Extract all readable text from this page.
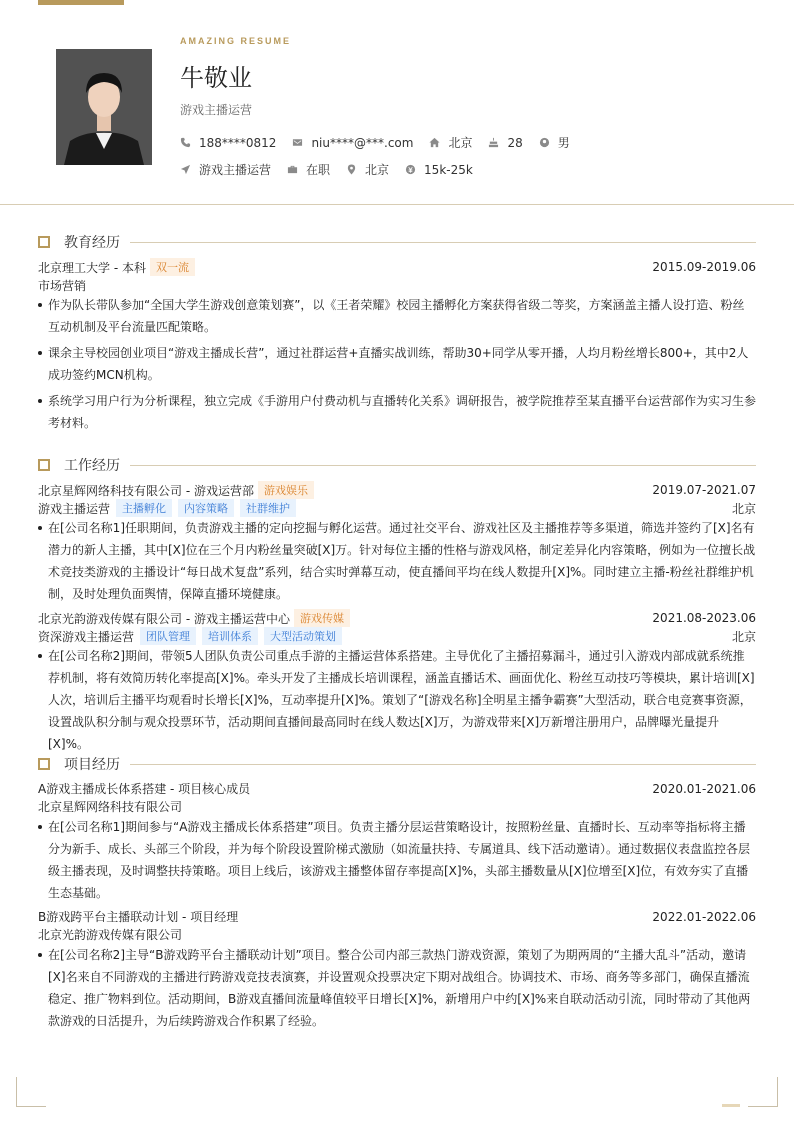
AMAZING RESUME
牛敬业
游戏主播运营
188****0812	niu****@***.com	北京	28	男
游戏主播运营	在职	北京	15k-25k
教育经历
北京理工大学 - 本科 双一流	2015.09-2019.06
市场营销
作为队长带队参加“全国大学生游戏创意策划赛”，以《王者荣耀》校园主播孵化方案获得省级二等奖，方案涵盖主播人设打造、粉丝互动机制及平台流量匹配策略。
课余主导校园创业项目“游戏主播成长营”，通过社群运营+直播实战训练，帮助30+同学从零开播，人均月粉丝增长800+，其中2人成功签约MCN机构。
系统学习用户行为分析课程，独立完成《手游用户付费动机与直播转化关系》调研报告，被学院推荐至某直播平台运营部作为实习生参考材料。
工作经历
北京星辉网络科技有限公司 - 游戏运营部 游戏娱乐	2019.07-2021.07
游戏主播运营	主播孵化	内容策略	社群维护	北京
在[公司名称1]任职期间，负责游戏主播的定向挖掘与孵化运营。通过社交平台、游戏社区及主播推荐等多渠道，筛选并签约了[X]名有潜力的新人主播，其中[X]位在三个月内粉丝量突破[X]万。针对每位主播的性格与游戏风格，制定差异化内容策略，例如为一位擅长战术竞技类游戏的主播设计“每日战术复盘”系列，结合实时弹幕互动，使直播间平均在线人数提升[X]%。同时建立主播-粉丝社群维护机制，及时处理负面舆情，保障直播环境健康。
北京光韵游戏传媒有限公司 - 游戏主播运营中心 游戏传媒	2021.08-2023.06
资深游戏主播运营	团队管理	培训体系	大型活动策划	北京
在[公司名称2]期间，带领5人团队负责公司重点手游的主播运营体系搭建。主导优化了主播招募漏斗，通过引入游戏内部成就系统推荐机制，将有效简历转化率提高[X]%。牵头开发了主播成长培训课程，涵盖直播话术、画面优化、粉丝互动技巧等模块，累计培训[X]人次，培训后主播平均观看时长增长[X]%，互动率提升[X]%。策划了“[游戏名称]全明星主播争霸赛”大型活动，联合电竞赛事资源，设置战队积分制与观众投票环节，活动期间直播间最高同时在线人数达[X]万，为游戏带来[X]万新增注册用户，品牌曝光量提升[X]%。
项目经历
A游戏主播成长体系搭建 - 项目核心成员	2020.01-2021.06
北京星辉网络科技有限公司
在[公司名称1]期间参与“A游戏主播成长体系搭建”项目。负责主播分层运营策略设计，按照粉丝量、直播时长、互动率等指标将主播分为新手、成长、头部三个阶段，并为每个阶段设置阶梯式激励（如流量扶持、专属道具、线下活动邀请）。通过数据仪表盘监控各层级主播表现，及时调整扶持策略。项目上线后，该游戏主播整体留存率提高[X]%，头部主播数量从[X]位增至[X]位，有效夯实了直播生态基础。
B游戏跨平台主播联动计划 - 项目经理	2022.01-2022.06
北京光韵游戏传媒有限公司
在[公司名称2]主导“B游戏跨平台主播联动计划”项目。整合公司内部三款热门游戏资源，策划了为期两周的“主播大乱斗”活动，邀请[X]名来自不同游戏的主播进行跨游戏竞技表演赛，并设置观众投票决定下期对战组合。协调技术、市场、商务等多部门，确保直播流稳定、推广物料到位。活动期间，B游戏直播间流量峰值较平日增长[X]%，新增用户中约[X]%来自联动活动引流，同时带动了其他两款游戏的日活提升，为后续跨游戏合作积累了经验。
